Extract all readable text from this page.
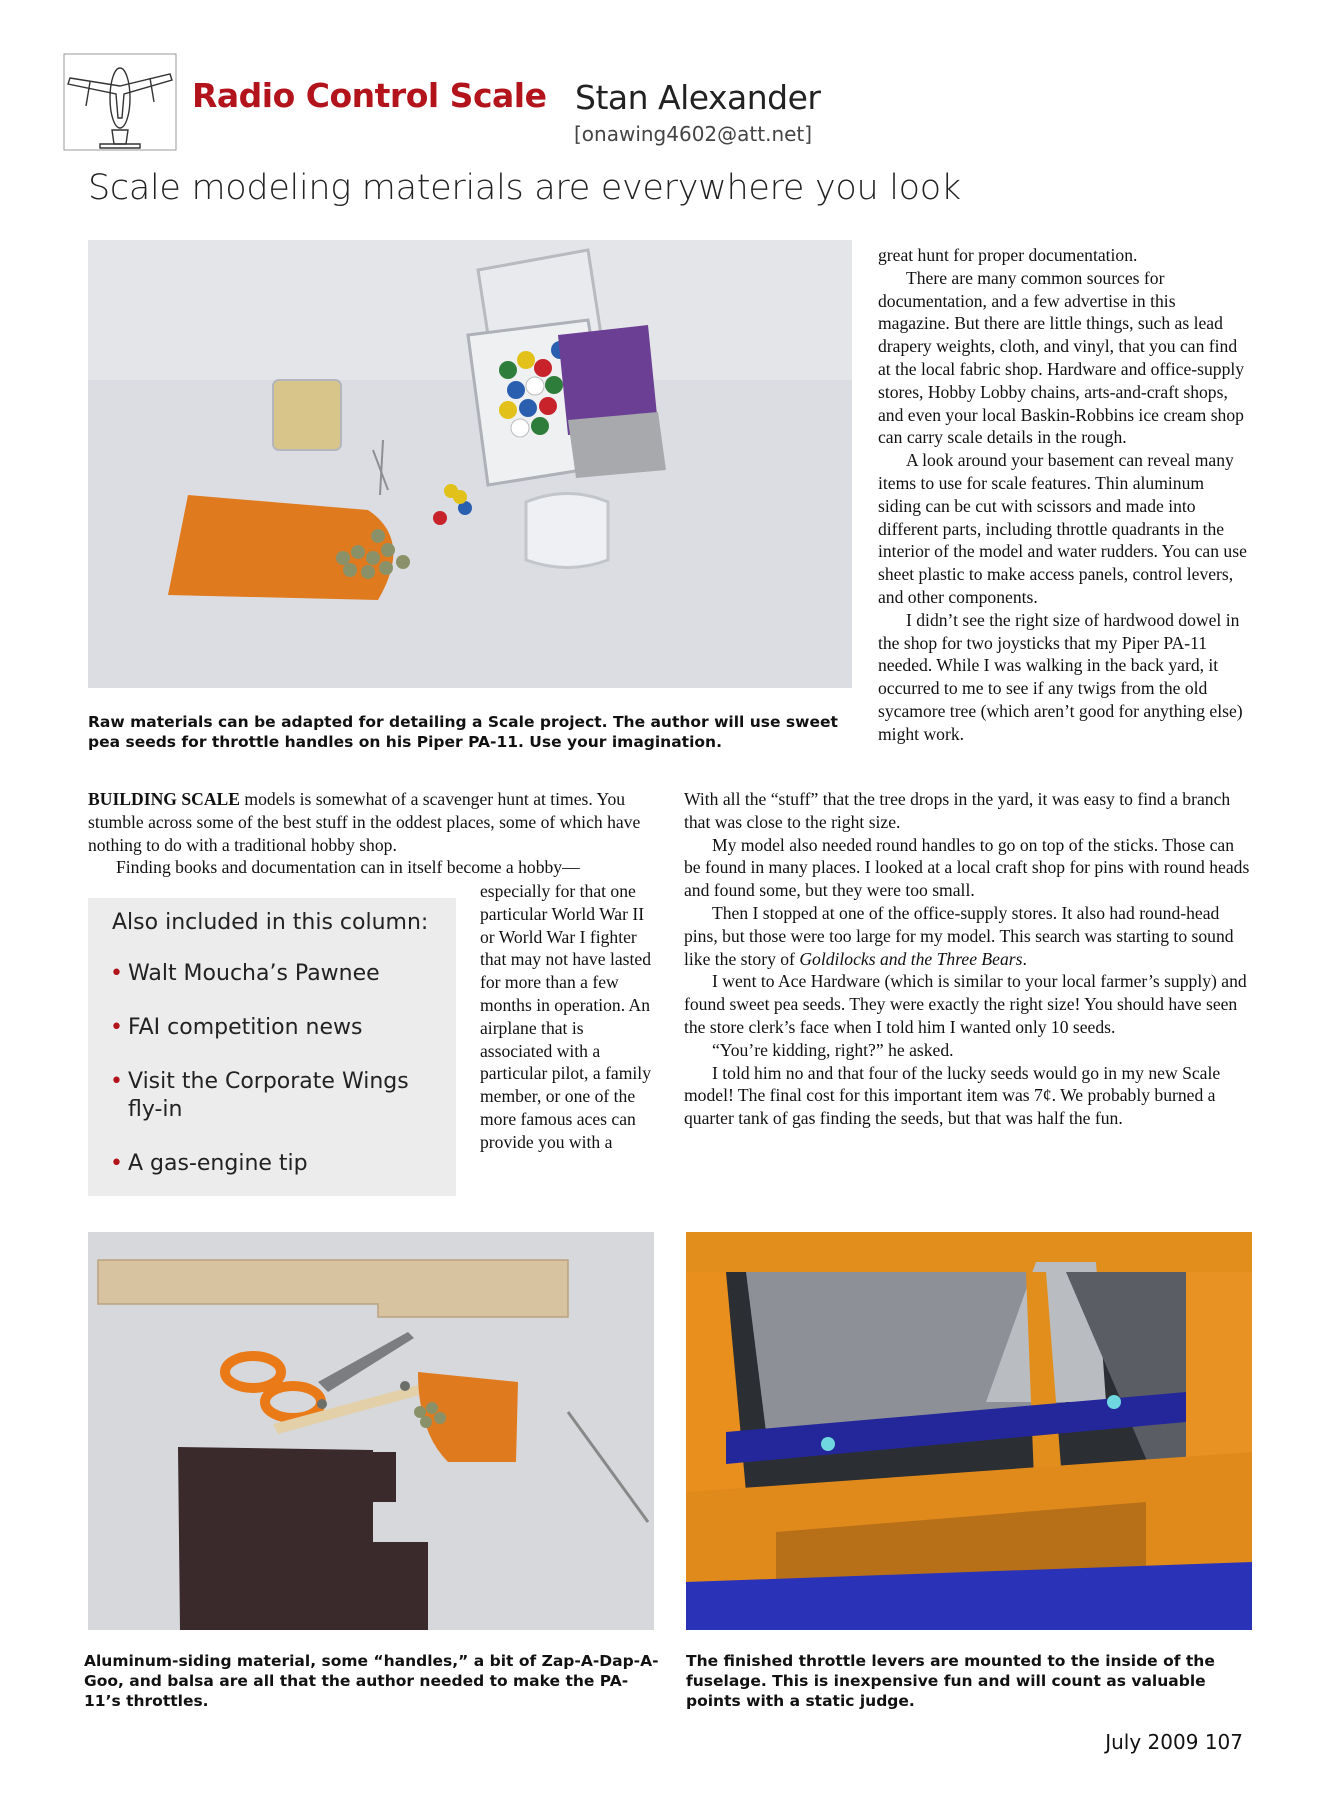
Radio Control Scale Stan Alexander
[onawing4602@att.net]
Scale modeling materials are everywhere you look
Raw materials can be adapted for detailing a Scale project. The author will use sweet pea seeds for throttle handles on his Piper PA-11. Use your imagination.

great hunt for proper documentation.

There are many common sources for documentation, and a few advertise in this magazine. But there are little things, such as lead drapery weights, cloth, and vinyl, that you can find at the local fabric shop. Hardware and office-supply stores, Hobby Lobby chains, arts-and-craft shops, and even your local Baskin-Robbins ice cream shop can carry scale details in the rough.

A look around your basement can reveal many items to use for scale features. Thin aluminum siding can be cut with scissors and made into different parts, including throttle quadrants in the interior of the model and water rudders. You can use sheet plastic to make access panels, control levers, and other components.

I didn’t see the right size of hardwood dowel in the shop for two joysticks that my Piper PA-11 needed. While I was walking in the back yard, it occurred to me to see if any twigs from the old sycamore tree (which aren’t good for anything else) might work.

BUILDING SCALE models is somewhat of a scavenger hunt at times. You stumble across some of the best stuff in the oddest places, some of which have nothing to do with a traditional hobby shop.

Finding books and documentation can in itself become a hobby—

Also included in this column:
• Walt Moucha’s Pawnee
• FAI competition news
• Visit the Corporate Wings fly-in
• A gas-engine tip

especially for that one particular World War II or World War I fighter that may not have lasted for more than a few months in operation. An airplane that is associated with a particular pilot, a family member, or one of the more famous aces can provide you with a

With all the “stuff” that the tree drops in the yard, it was easy to find a branch that was close to the right size.

My model also needed round handles to go on top of the sticks. Those can be found in many places. I looked at a local craft shop for pins with round heads and found some, but they were too small.

Then I stopped at one of the office-supply stores. It also had round-head pins, but those were too large for my model. This search was starting to sound like the story of Goldilocks and the Three Bears.

I went to Ace Hardware (which is similar to your local farmer’s supply) and found sweet pea seeds. They were exactly the right size! You should have seen the store clerk’s face when I told him I wanted only 10 seeds.

“You’re kidding, right?” he asked.

I told him no and that four of the lucky seeds would go in my new Scale model! The final cost for this important item was 7¢. We probably burned a quarter tank of gas finding the seeds, but that was half the fun.

Aluminum-siding material, some “handles,” a bit of Zap-A-Dap-A-Goo, and balsa are all that the author needed to make the PA-11’s throttles.
The finished throttle levers are mounted to the inside of the fuselage. This is inexpensive fun and will count as valuable points with a static judge.
July 2009 107
